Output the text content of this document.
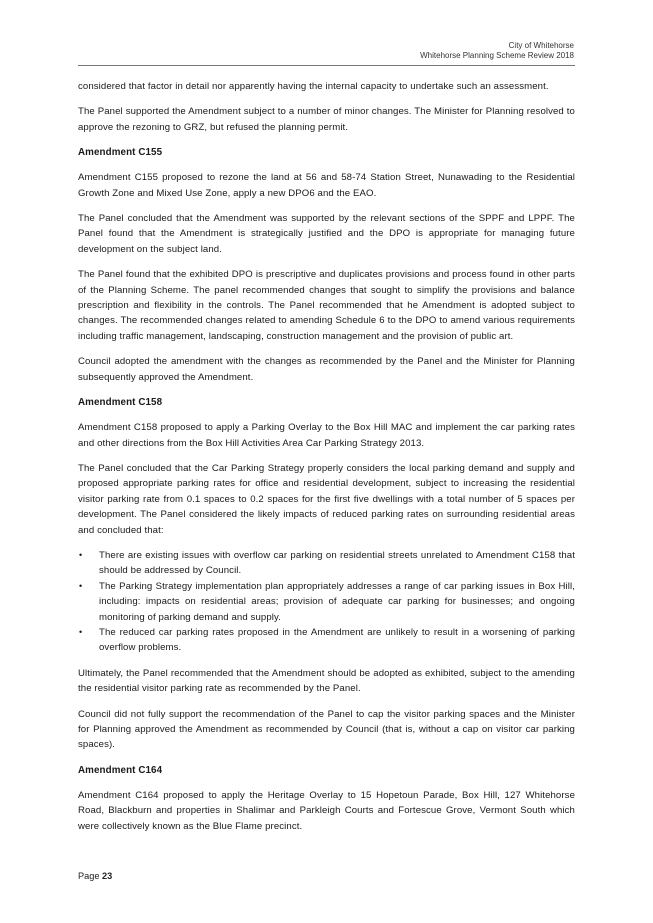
City of Whitehorse
Whitehorse Planning Scheme Review 2018

considered that factor in detail nor apparently having the internal capacity to undertake such an assessment.

The Panel supported the Amendment subject to a number of minor changes. The Minister for Planning resolved to approve the rezoning to GRZ, but refused the planning permit.

Amendment C155

Amendment C155 proposed to rezone the land at 56 and 58-74 Station Street, Nunawading to the Residential Growth Zone and Mixed Use Zone, apply a new DPO6 and the EAO.

The Panel concluded that the Amendment was supported by the relevant sections of the SPPF and LPPF. The Panel found that the Amendment is strategically justified and the DPO is appropriate for managing future development on the subject land.

The Panel found that the exhibited DPO is prescriptive and duplicates provisions and process found in other parts of the Planning Scheme. The panel recommended changes that sought to simplify the provisions and balance prescription and flexibility in the controls. The Panel recommended that he Amendment is adopted subject to changes. The recommended changes related to amending Schedule 6 to the DPO to amend various requirements including traffic management, landscaping, construction management and the provision of public art.

Council adopted the amendment with the changes as recommended by the Panel and the Minister for Planning subsequently approved the Amendment.

Amendment C158

Amendment C158 proposed to apply a Parking Overlay to the Box Hill MAC and implement the car parking rates and other directions from the Box Hill Activities Area Car Parking Strategy 2013.

The Panel concluded that the Car Parking Strategy properly considers the local parking demand and supply and proposed appropriate parking rates for office and residential development, subject to increasing the residential visitor parking rate from 0.1 spaces to 0.2 spaces for the first five dwellings with a total number of 5 spaces per development. The Panel considered the likely impacts of reduced parking rates on surrounding residential areas and concluded that:

• There are existing issues with overflow car parking on residential streets unrelated to Amendment C158 that should be addressed by Council.
• The Parking Strategy implementation plan appropriately addresses a range of car parking issues in Box Hill, including: impacts on residential areas; provision of adequate car parking for businesses; and ongoing monitoring of parking demand and supply.
• The reduced car parking rates proposed in the Amendment are unlikely to result in a worsening of parking overflow problems.

Ultimately, the Panel recommended that the Amendment should be adopted as exhibited, subject to the amending the residential visitor parking rate as recommended by the Panel.

Council did not fully support the recommendation of the Panel to cap the visitor parking spaces and the Minister for Planning approved the Amendment as recommended by Council (that is, without a cap on visitor car parking spaces).

Amendment C164

Amendment C164 proposed to apply the Heritage Overlay to 15 Hopetoun Parade, Box Hill, 127 Whitehorse Road, Blackburn and properties in Shalimar and Parkleigh Courts and Fortescue Grove, Vermont South which were collectively known as the Blue Flame precinct.

Page 23
